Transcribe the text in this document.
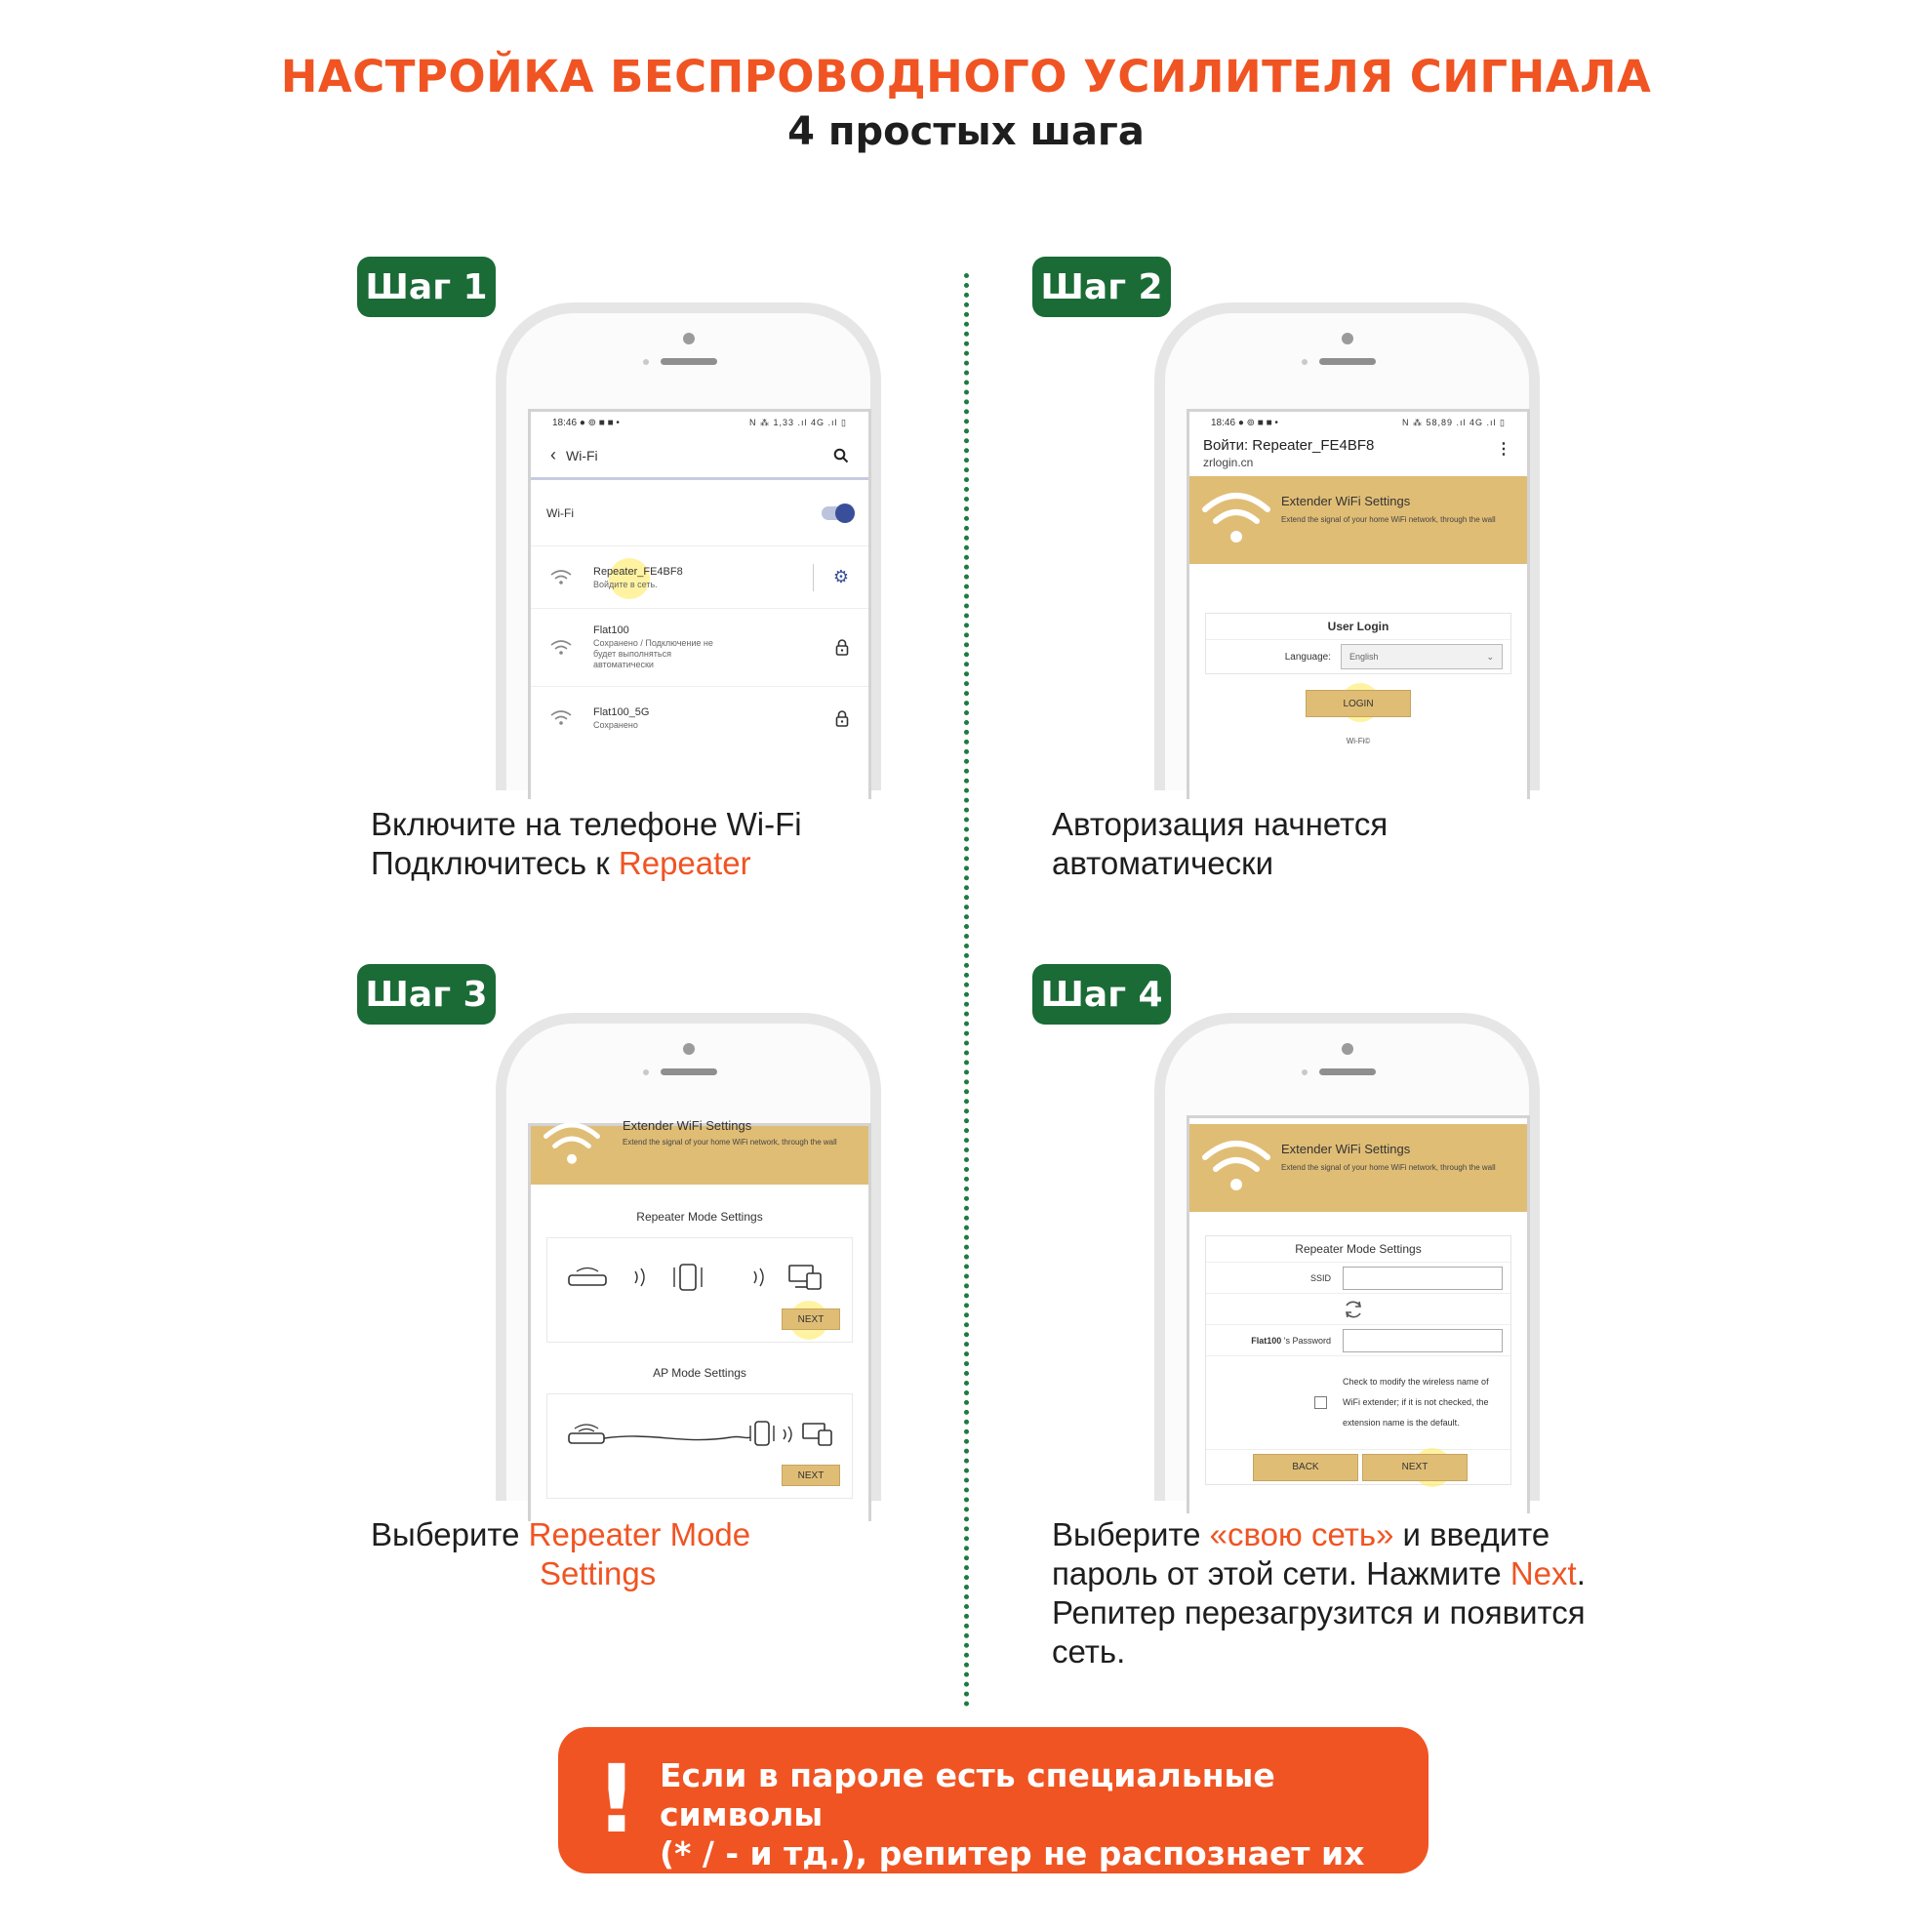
НАСТРОЙКА БЕСПРОВОДНОГО УСИЛИТЕЛЯ СИГНАЛА
4 простых шага
Шаг 1
18:46 ● ⊚ ■ ■ •	N ⁂ 1,33 .ıl 4G .ıl ▯
‹ Wi-Fi
Wi-Fi
Repeater_FE4BF8
Войдите в сеть.	⚙
Flat100
Сохранено / Подключение не будет выполняться автоматически
Flat100_5G
Сохранено
Включите на телефоне Wi-Fi
Подключитесь к Repeater
Шаг 2
18:46 ● ⊚ ■ ■ •	N ⁂ 58,89 .ıl 4G .ıl ▯
Войти: Repeater_FE4BF8
zrlogin.cn
⋮
Extender WiFi Settings
Extend the signal of your home WiFi network, through the wall
User Login
Language:	English	⌄
LOGIN
Wi-Fi©
Авторизация начнется
автоматически
Шаг 3
Extender WiFi Settings
Extend the signal of your home WiFi network, through the wall
Repeater Mode Settings
NEXT
AP Mode Settings
NEXT
Выберите Repeater Mode
Settings
Шаг 4
Extender WiFi Settings
Extend the signal of your home WiFi network, through the wall
Repeater Mode Settings
SSID
Flat100 's Password
Check to modify the wireless name of WiFi extender; if it is not checked, the extension name is the default.
BACK	NEXT
Выберите «свою сеть» и введите
пароль от этой сети. Нажмите Next.
Репитер перезагрузится и появится
сеть.
! Если в пароле есть специальные символы
(* / - и тд.), репитер не распознает их
